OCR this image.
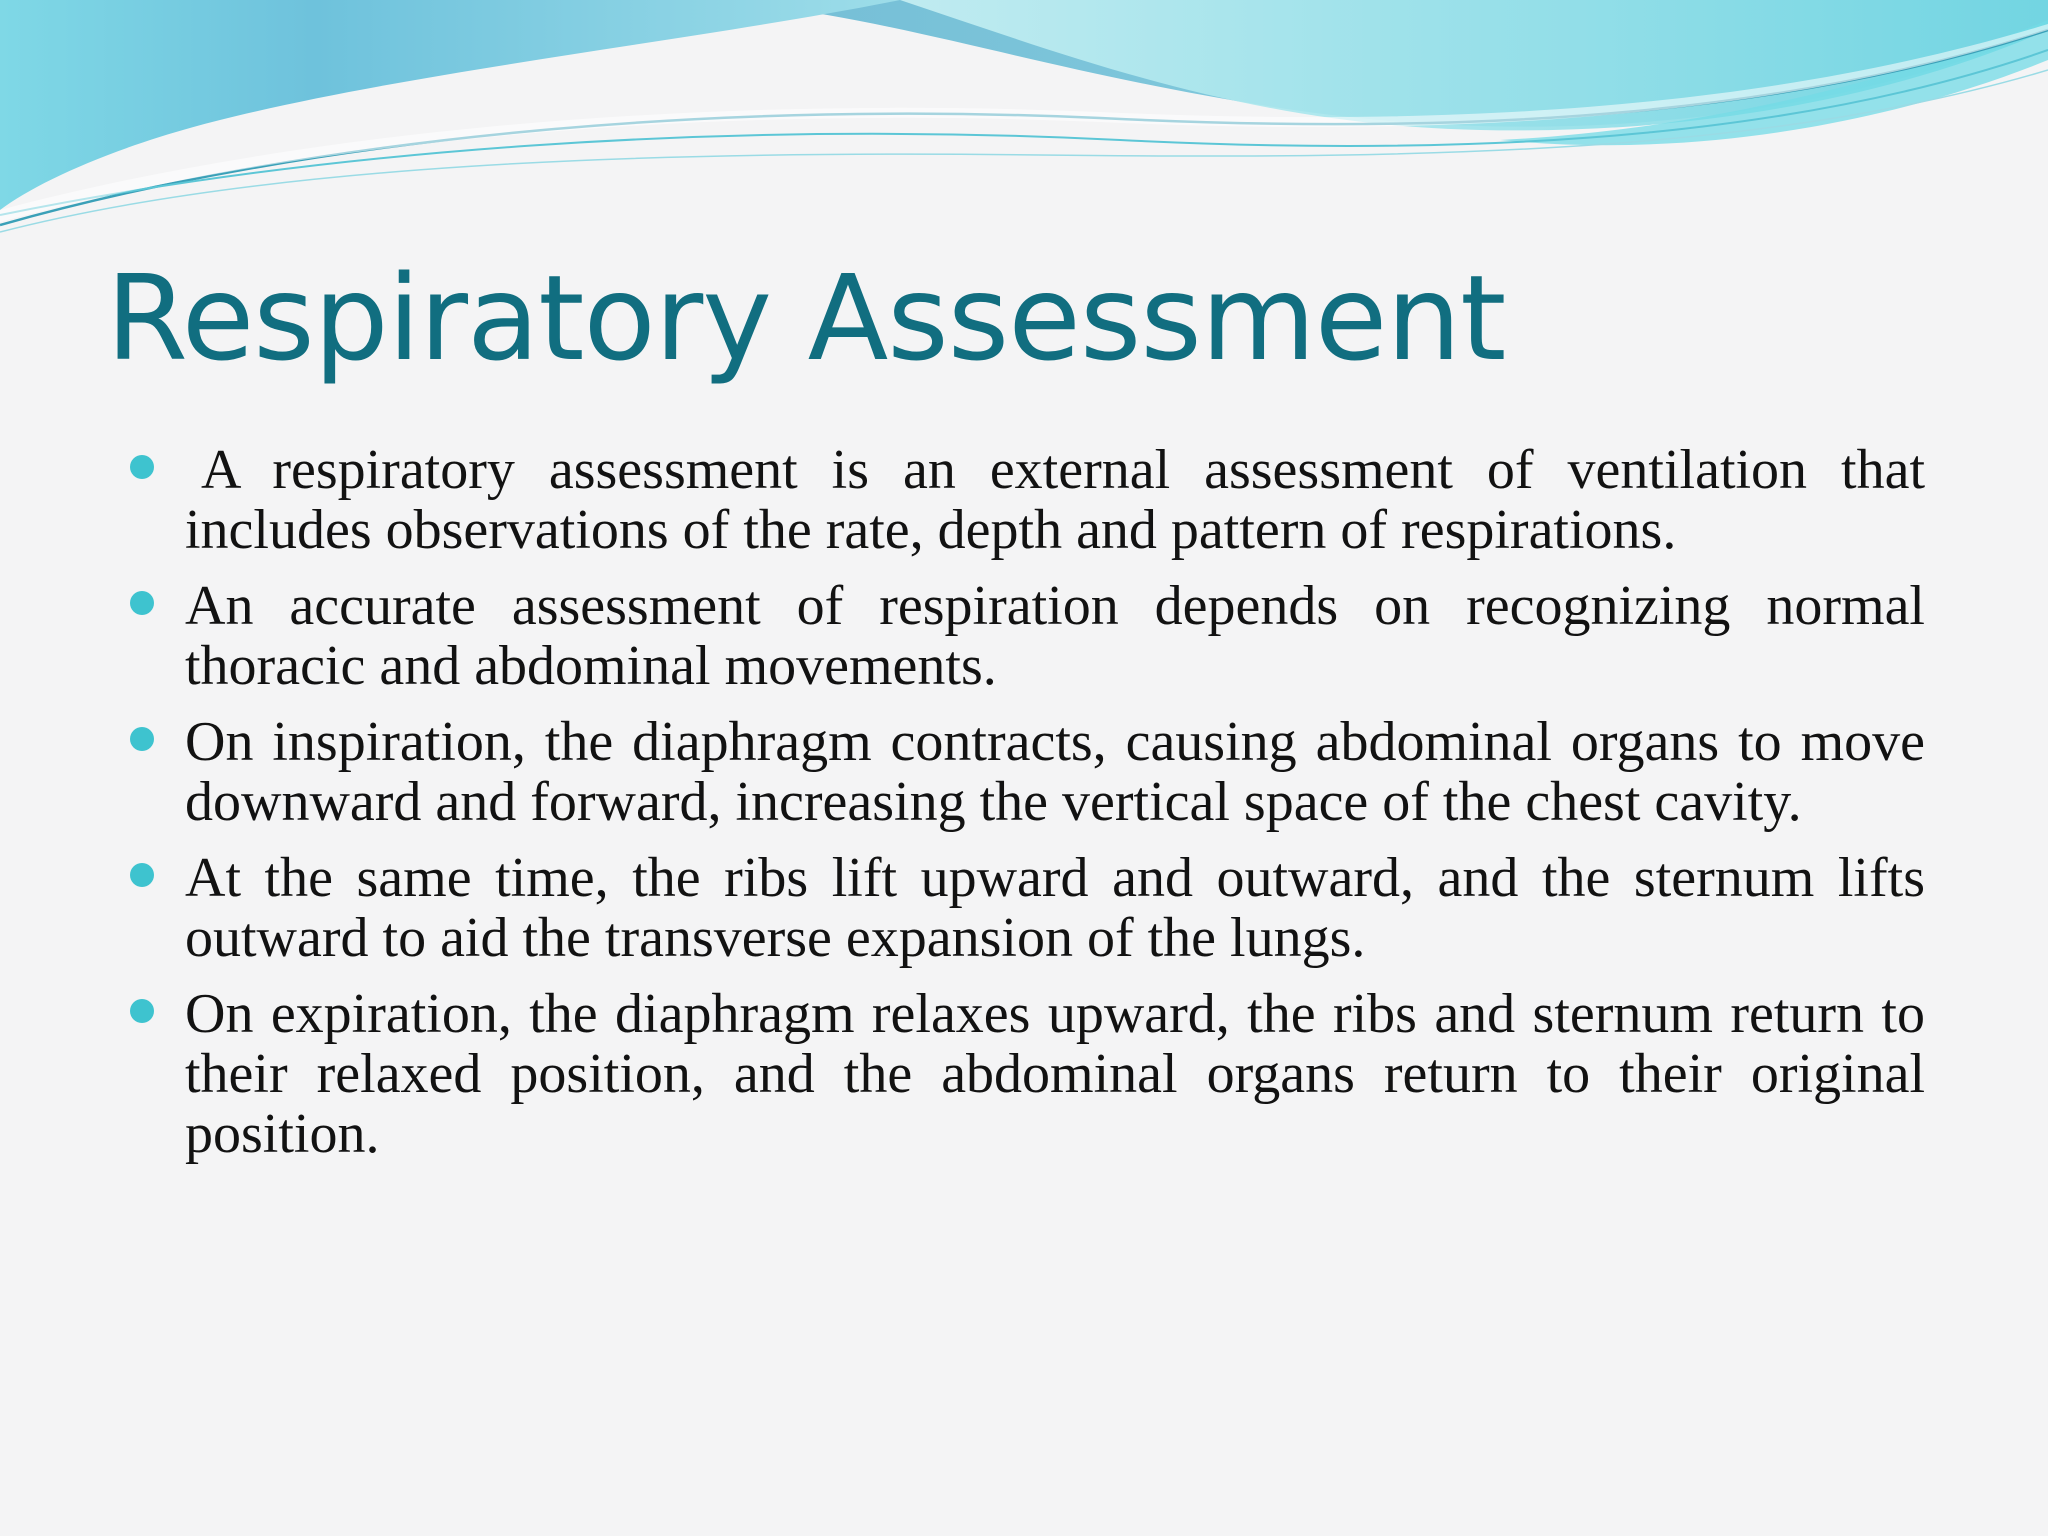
Respiratory Assessment
A respiratory assessment is an external assessment of ventilation that includes observations of the rate, depth and pattern of respirations.
An accurate assessment of respiration depends on recognizing normal thoracic and abdominal movements.
On inspiration, the diaphragm contracts, causing abdominal organs to move downward and forward, increasing the vertical space of the chest cavity.
At the same time, the ribs lift upward and outward, and the sternum lifts outward to aid the transverse expansion of the lungs.
On expiration, the diaphragm relaxes upward, the ribs and sternum return to their relaxed position, and the abdominal organs return to their original position.
